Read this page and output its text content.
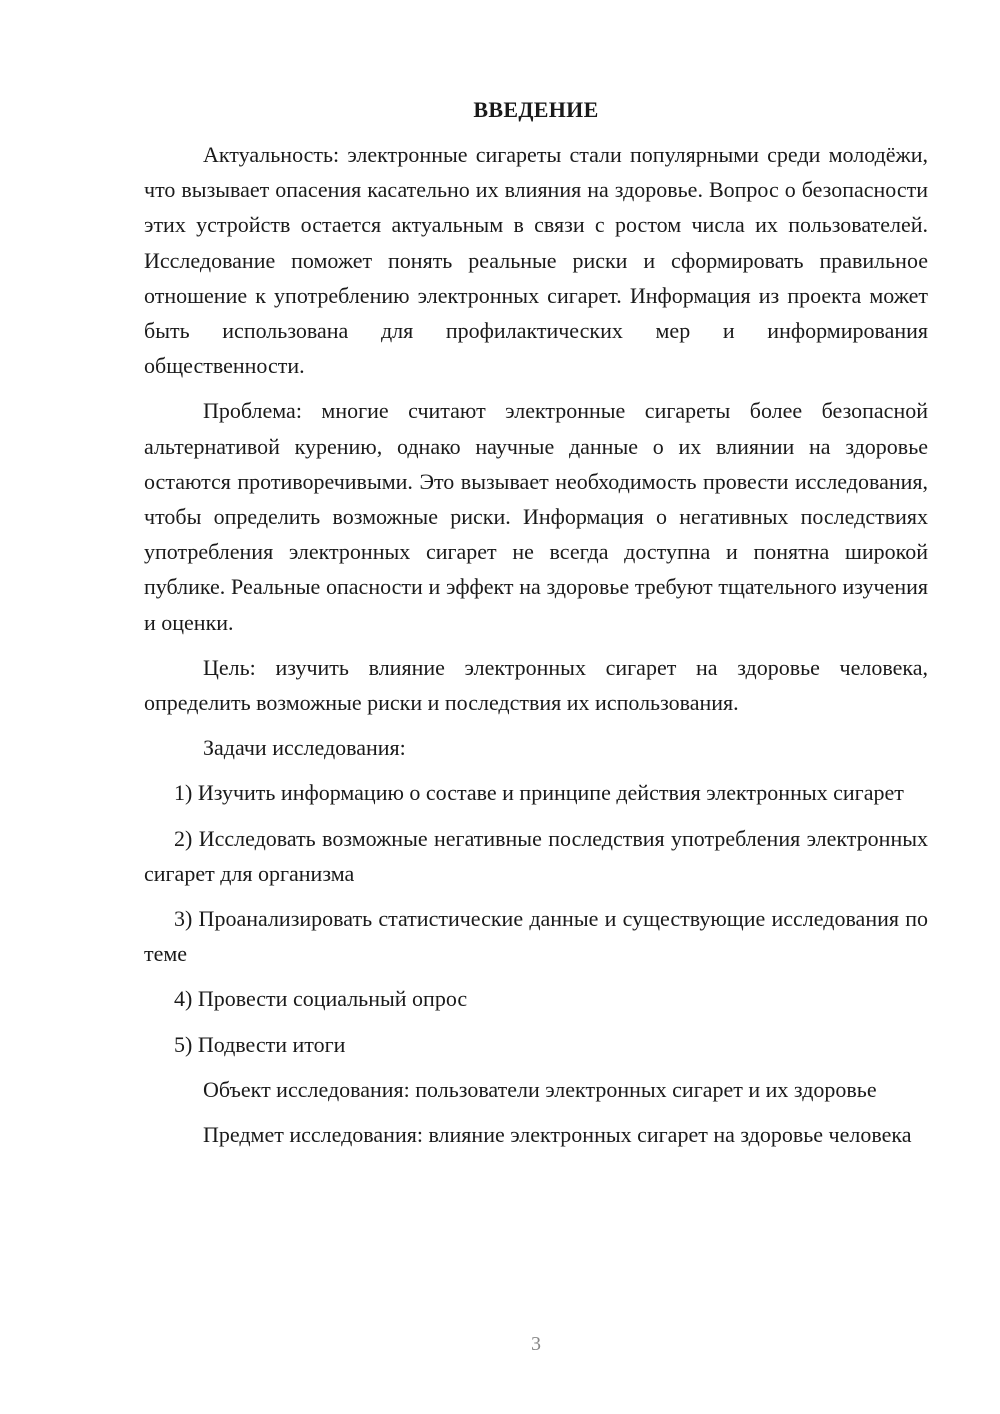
ВВЕДЕНИЕ

Актуальность: электронные сигареты стали популярными среди молодёжи, что вызывает опасения касательно их влияния на здоровье. Вопрос о безопасности этих устройств остается актуальным в связи с ростом числа их пользователей. Исследование поможет понять реальные риски и сформировать правильное отношение к употреблению электронных сигарет. Информация из проекта может быть использована для профилактических мер и информирования общественности.

Проблема: многие считают электронные сигареты более безопасной альтернативой курению, однако научные данные о их влиянии на здоровье остаются противоречивыми. Это вызывает необходимость провести исследования, чтобы определить возможные риски. Информация о негативных последствиях употребления электронных сигарет не всегда доступна и понятна широкой публике. Реальные опасности и эффект на здоровье требуют тщательного изучения и оценки.

Цель: изучить влияние электронных сигарет на здоровье человека, определить возможные риски и последствия их использования.

Задачи исследования:

1) Изучить информацию о составе и принципе действия электронных сигарет

2) Исследовать возможные негативные последствия употребления электронных сигарет для организма

3) Проанализировать статистические данные и существующие исследования по теме

4) Провести социальный опрос

5) Подвести итоги

Объект исследования: пользователи электронных сигарет и их здоровье

Предмет исследования: влияние электронных сигарет на здоровье человека

3
